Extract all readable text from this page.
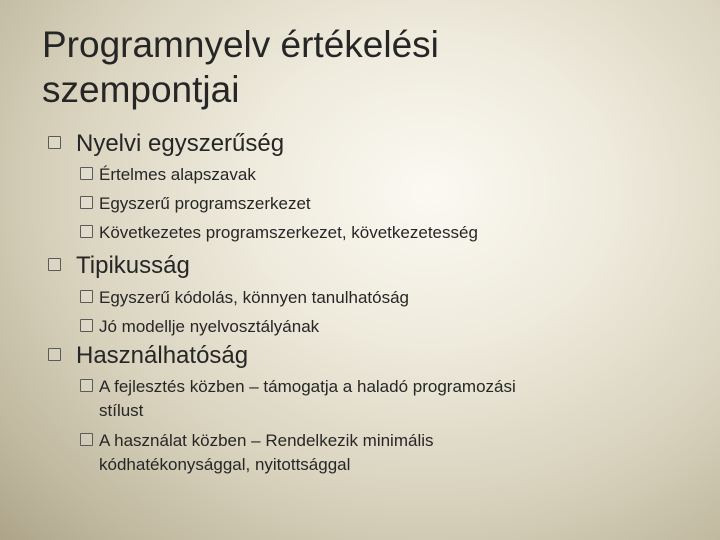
Programnyelv értékelési
szempontjai
Nyelvi egyszerűség
Értelmes alapszavak
Egyszerű programszerkezet
Következetes programszerkezet, következetesség
Tipikusság
Egyszerű kódolás, könnyen tanulhatóság
Jó modellje nyelvosztályának
Használhatóság
A fejlesztés közben – támogatja a haladó programozási stílust
A használat közben – Rendelkezik minimális kódhatékonysággal, nyitottsággal
